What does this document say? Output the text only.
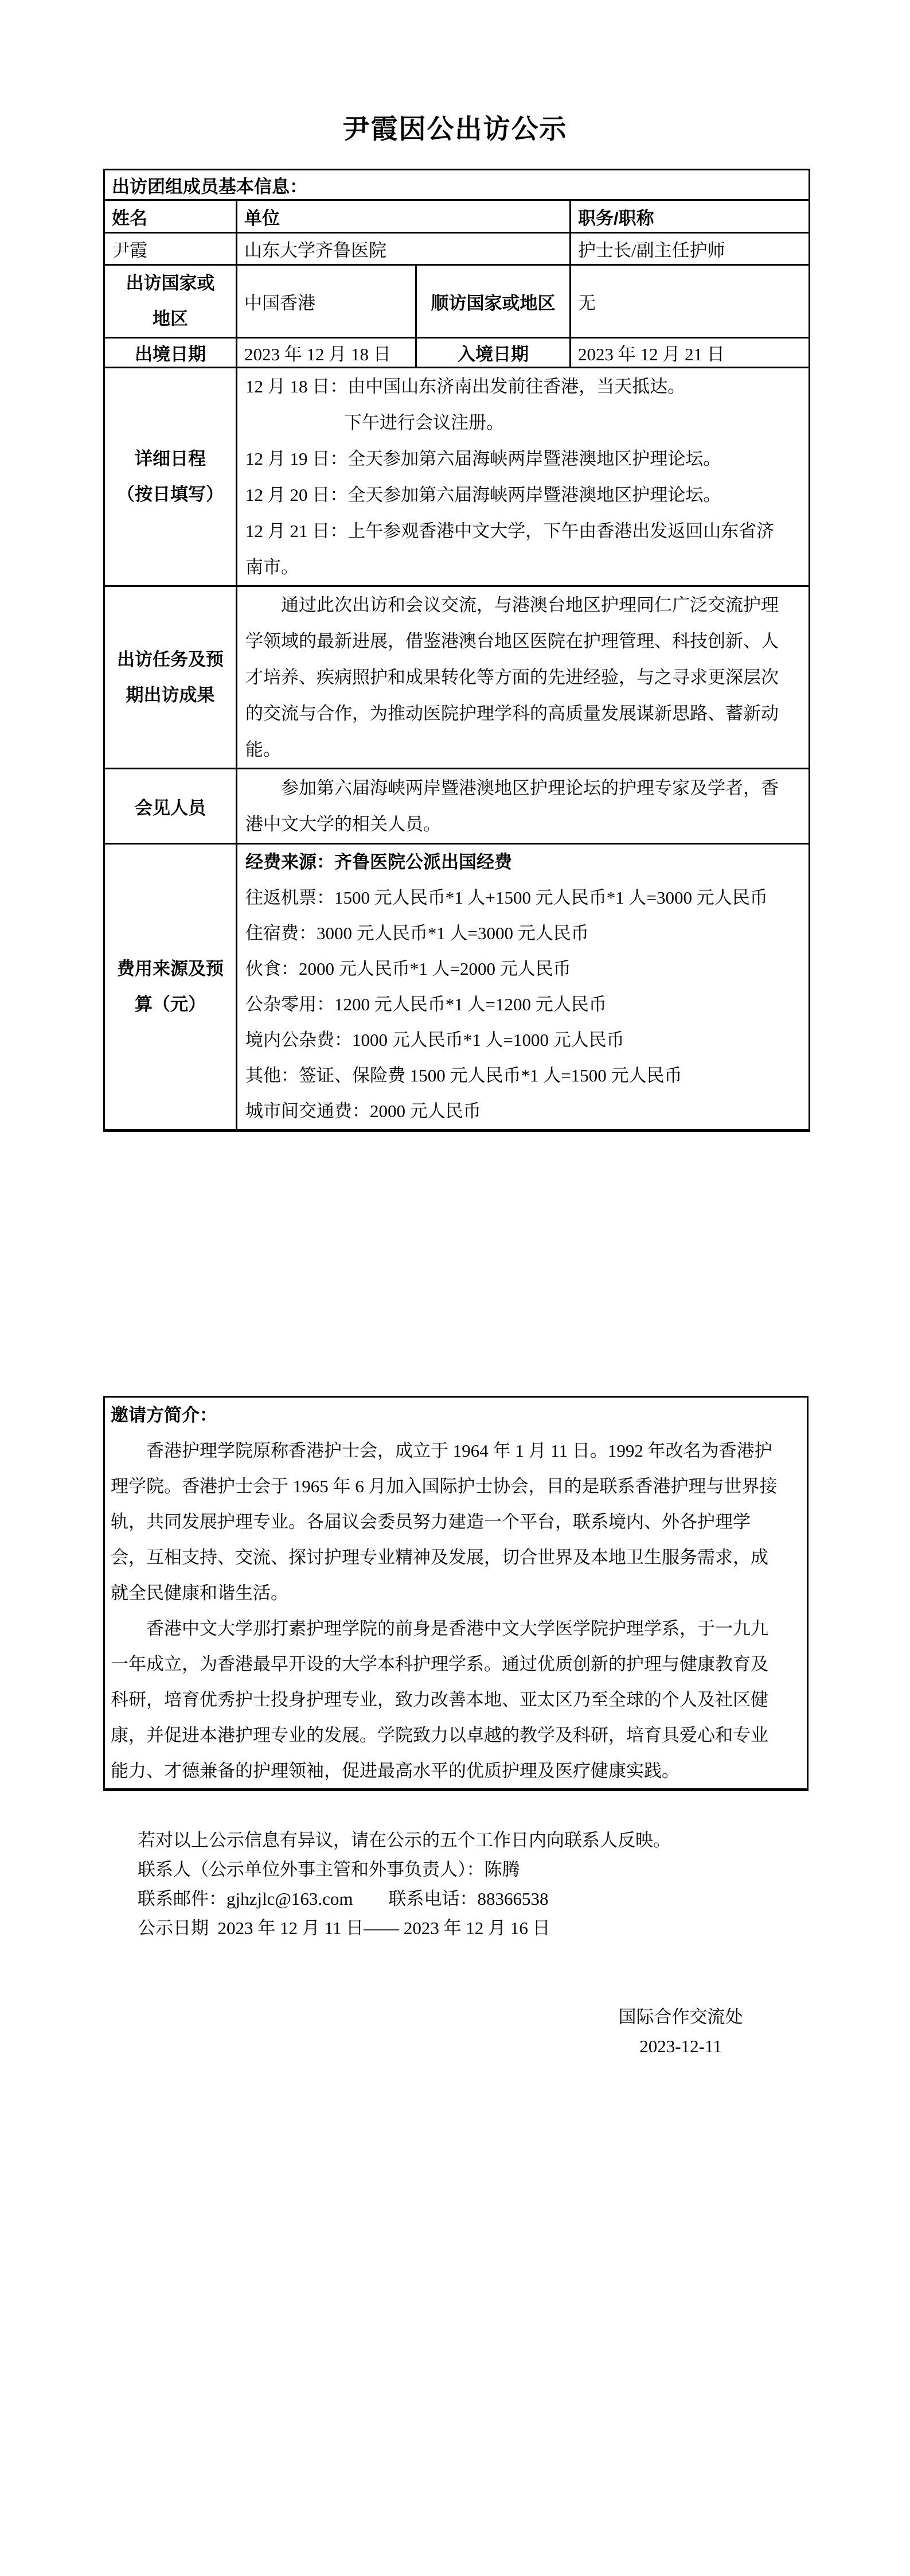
尹霞因公出访公示
出访团组成员基本信息：			
姓名	单位		职务/职称
尹霞	山东大学齐鲁医院		护士长/副主任护师

出访国家或
地区	中国香港	顺访国家或地区	无
出境日期	2023 年 12 月 18 日	入境日期	2023 年 12 月 21 日

详细日程
（按日填写）

12 月 18 日：由中国山东济南出发前往香港，当天抵达。
下午进行会议注册。
12 月 19 日：全天参加第六届海峡两岸暨港澳地区护理论坛。
12 月 20 日：全天参加第六届海峡两岸暨港澳地区护理论坛。
12 月 21 日：上午参观香港中文大学，下午由香港出发返回山东省济
南市。

出访任务及预
期出访成果

通过此次出访和会议交流，与港澳台地区护理同仁广泛交流护理
学领域的最新进展，借鉴港澳台地区医院在护理管理、科技创新、人
才培养、疾病照护和成果转化等方面的先进经验，与之寻求更深层次
的交流与合作，为推动医院护理学科的高质量发展谋新思路、蓄新动
能。

会见人员	参加第六届海峡两岸暨港澳地区护理论坛的护理专家及学者，香
港中文大学的相关人员。		

费用来源及预
算（元）

经费来源：齐鲁医院公派出国经费
往返机票：1500 元人民币*1 人+1500 元人民币*1 人=3000 元人民币
住宿费：3000 元人民币*1 人=3000 元人民币
伙食：2000 元人民币*1 人=2000 元人民币
公杂零用：1200 元人民币*1 人=1200 元人民币
境内公杂费：1000 元人民币*1 人=1000 元人民币
其他：签证、保险费 1500 元人民币*1 人=1500 元人民币
城市间交通费：2000 元人民币
邀请方简介：
香港护理学院原称香港护士会，成立于 1964 年 1 月 11 日。1992 年改名为香港护
理学院。香港护士会于 1965 年 6 月加入国际护士协会，目的是联系香港护理与世界接
轨，共同发展护理专业。各届议会委员努力建造一个平台，联系境内、外各护理学
会，互相支持、交流、探讨护理专业精神及发展，切合世界及本地卫生服务需求，成
就全民健康和谐生活。
香港中文大学那打素护理学院的前身是香港中文大学医学院护理学系，于一九九
一年成立，为香港最早开设的大学本科护理学系。通过优质创新的护理与健康教育及
科研，培育优秀护士投身护理专业，致力改善本地、亚太区乃至全球的个人及社区健
康，并促进本港护理专业的发展。学院致力以卓越的教学及科研，培育具爱心和专业
能力、才德兼备的护理领袖，促进最高水平的优质护理及医疗健康实践。
若对以上公示信息有异议，请在公示的五个工作日内向联系人反映。
联系人（公示单位外事主管和外事负责人）：陈腾
联系邮件：gjhzjlc@163.com　　联系电话：88366538
公示日期  2023 年 12 月 11 日—— 2023 年 12 月 16 日
国际合作交流处
2023-12-11
